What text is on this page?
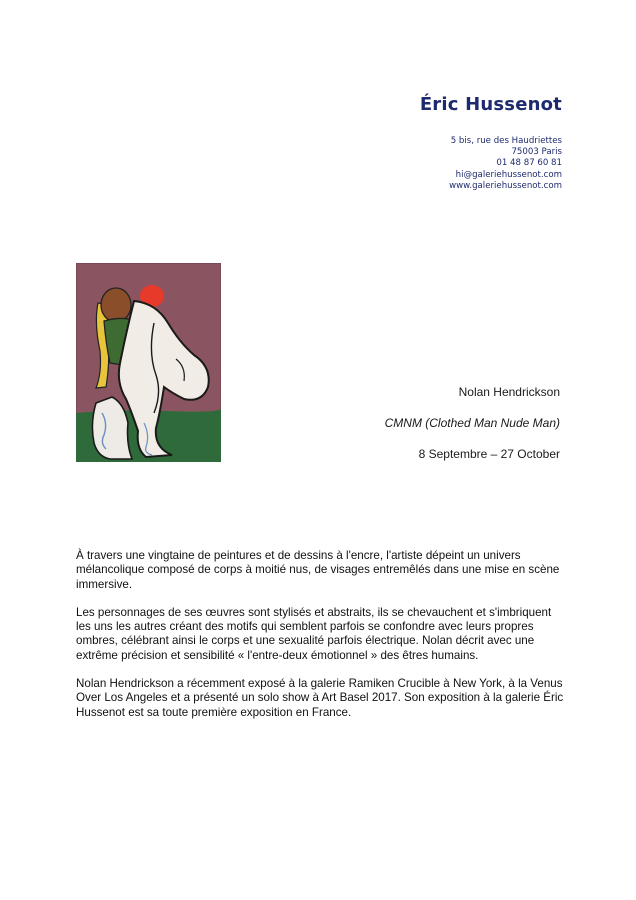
Éric Hussenot
5 bis, rue des Haudriettes
75003 Paris
01 48 87 60 81
hi@galeriehussenot.com
www.galeriehussenot.com
Nolan Hendrickson
CMNM (Clothed Man Nude Man)
8 Septembre – 27 October

À travers une vingtaine de peintures et de dessins à l'encre, l'artiste dépeint un univers mélancolique composé de corps à moitié nus, de visages entremêlés dans une mise en scène immersive.

Les personnages de ses œuvres sont stylisés et abstraits, ils se chevauchent et s'imbriquent les uns les autres créant des motifs qui semblent parfois se confondre avec leurs propres ombres, célébrant ainsi le corps et une sexualité parfois électrique. Nolan décrit avec une extrême précision et sensibilité « l'entre-deux émotionnel » des êtres humains.

Nolan Hendrickson a récemment exposé à la galerie Ramiken Crucible à New York, à la Venus Over Los Angeles et a présenté un solo show à Art Basel 2017. Son exposition à la galerie Éric Hussenot est sa toute première exposition en France.
